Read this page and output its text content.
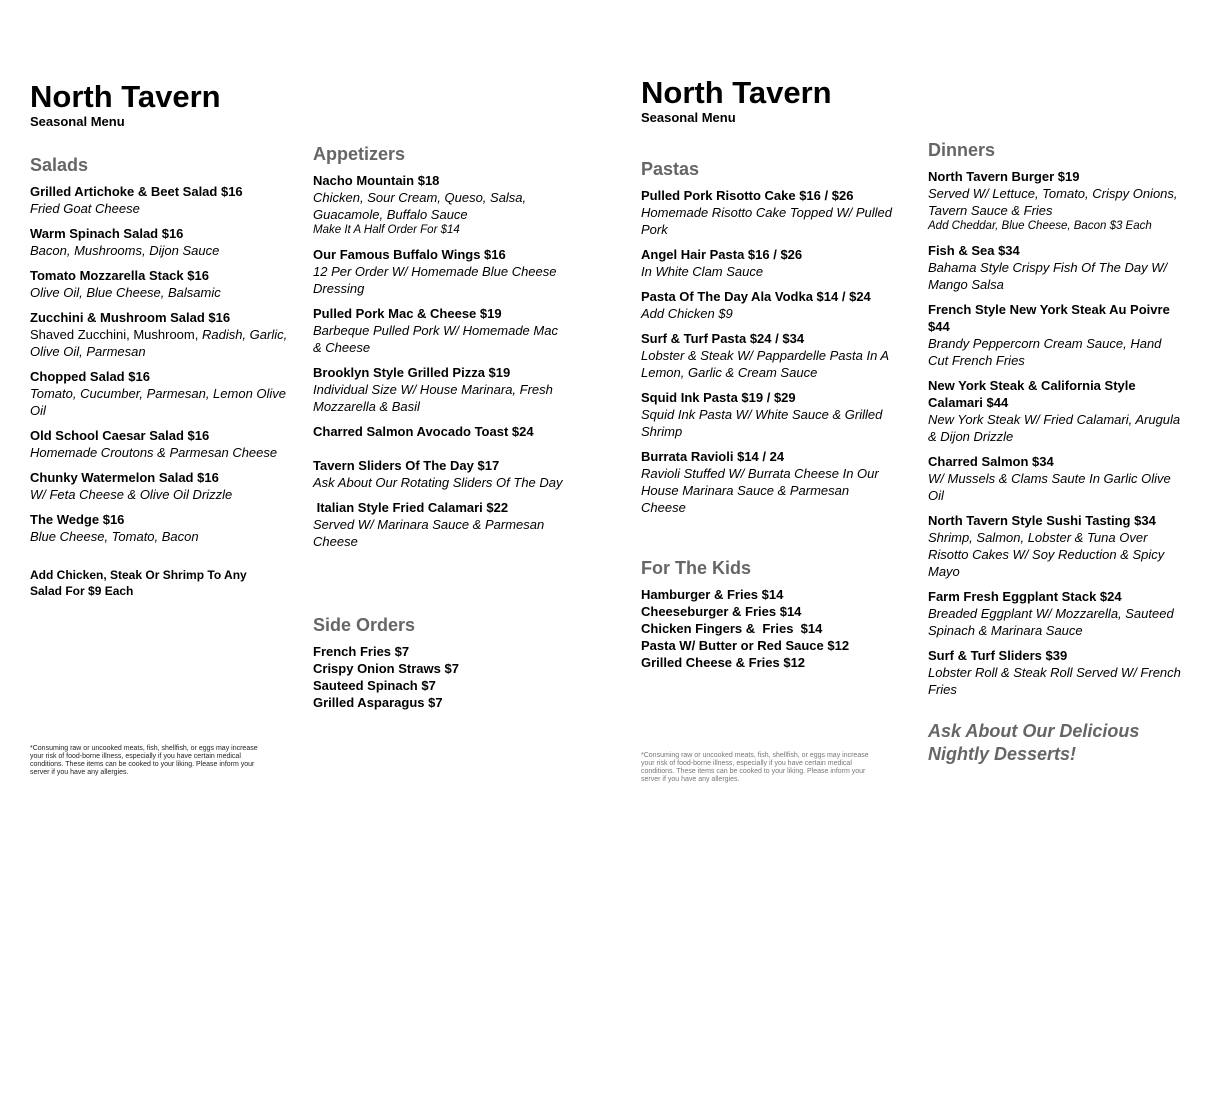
North Tavern
Seasonal Menu
Salads
Grilled Artichoke & Beet Salad $16
Fried Goat Cheese
Warm Spinach Salad $16
Bacon, Mushrooms, Dijon Sauce
Tomato Mozzarella Stack $16
Olive Oil, Blue Cheese, Balsamic
Zucchini & Mushroom Salad $16
Shaved Zucchini, Mushroom, Radish, Garlic, Olive Oil, Parmesan
Chopped Salad $16
Tomato, Cucumber, Parmesan, Lemon Olive Oil
Old School Caesar Salad $16
Homemade Croutons & Parmesan Cheese
Chunky Watermelon Salad $16
W/ Feta Cheese & Olive Oil Drizzle
The Wedge $16
Blue Cheese, Tomato, Bacon
Add Chicken, Steak Or Shrimp To Any Salad For $9 Each
*Consuming raw or uncooked meats, fish, shellfish, or eggs may increase your risk of food-borne illness, especially if you have certain medical conditions. These items can be cooked to your liking. Please inform your server if you have any allergies.
Appetizers
Nacho Mountain $18
Chicken, Sour Cream, Queso, Salsa, Guacamole, Buffalo Sauce
Make It A Half Order For $14
Our Famous Buffalo Wings $16
12 Per Order W/ Homemade Blue Cheese Dressing
Pulled Pork Mac & Cheese $19
Barbeque Pulled Pork W/ Homemade Mac & Cheese
Brooklyn Style Grilled Pizza $19
Individual Size W/ House Marinara, Fresh Mozzarella & Basil
Charred Salmon Avocado Toast $24
Tavern Sliders Of The Day $17
Ask About Our Rotating Sliders Of The Day
Italian Style Fried Calamari $22
Served W/ Marinara Sauce & Parmesan Cheese
Side Orders
French Fries $7
Crispy Onion Straws $7
Sauteed Spinach $7
Grilled Asparagus $7
North Tavern
Seasonal Menu
Pastas
Pulled Pork Risotto Cake $16 / $26
Homemade Risotto Cake Topped W/ Pulled Pork
Angel Hair Pasta $16 / $26
In White Clam Sauce
Pasta Of The Day Ala Vodka $14 / $24
Add Chicken $9
Surf & Turf Pasta $24 / $34
Lobster & Steak W/ Pappardelle Pasta In A Lemon, Garlic & Cream Sauce
Squid Ink Pasta $19 / $29
Squid Ink Pasta W/ White Sauce & Grilled Shrimp
Burrata Ravioli $14 / 24
Ravioli Stuffed W/ Burrata Cheese In Our House Marinara Sauce & Parmesan Cheese
For The Kids
Hamburger & Fries $14
Cheeseburger & Fries $14
Chicken Fingers &  Fries  $14
Pasta W/ Butter or Red Sauce $12
Grilled Cheese & Fries $12
*Consuming raw or uncooked meats, fish, shellfish, or eggs may increase your risk of food-borne illness, especially if you have certain medical conditions. These items can be cooked to your liking. Please inform your server if you have any allergies.
Dinners
North Tavern Burger $19
Served W/ Lettuce, Tomato, Crispy Onions, Tavern Sauce & Fries
Add Cheddar, Blue Cheese, Bacon $3 Each
Fish & Sea $34
Bahama Style Crispy Fish Of The Day W/ Mango Salsa
French Style New York Steak Au Poivre $44
Brandy Peppercorn Cream Sauce, Hand Cut French Fries
New York Steak & California Style Calamari $44
New York Steak W/ Fried Calamari, Arugula & Dijon Drizzle
Charred Salmon $34
W/ Mussels & Clams Saute In Garlic Olive Oil
North Tavern Style Sushi Tasting $34
Shrimp, Salmon, Lobster & Tuna Over Risotto Cakes W/ Soy Reduction & Spicy Mayo
Farm Fresh Eggplant Stack $24
Breaded Eggplant W/ Mozzarella, Sauteed Spinach & Marinara Sauce
Surf & Turf Sliders $39
Lobster Roll & Steak Roll Served W/ French Fries
Ask About Our Delicious Nightly Desserts!
